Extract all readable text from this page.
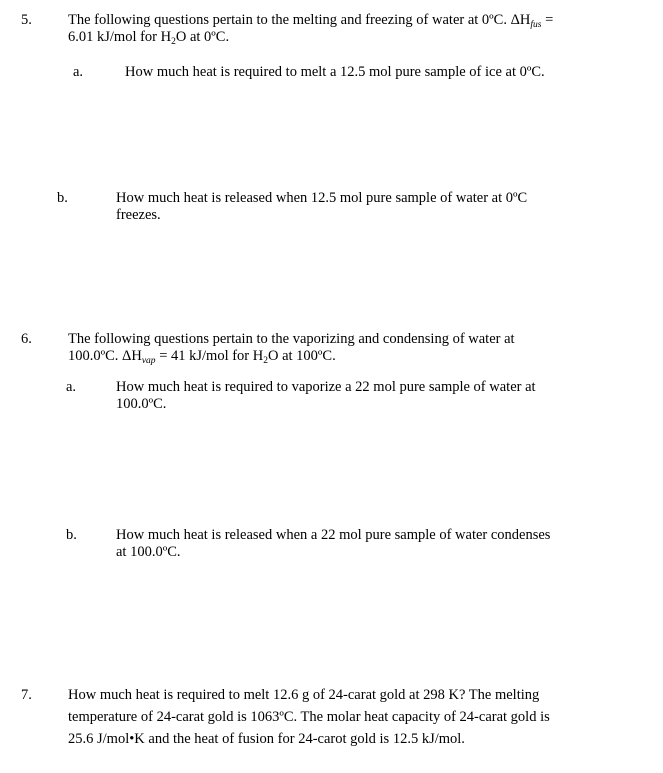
5. The following questions pertain to the melting and freezing of water at 0ºC. $\Delta H_{fus}$ =
6.01 kJ/mol for $H_2O$ at 0ºC.
a.	How much heat is required to melt a 12.5 mol pure sample of ice at 0ºC.
b.	How much heat is released when 12.5 mol pure sample of water at 0ºC
freezes.
6. The following questions pertain to the vaporizing and condensing of water at
100.0ºC. $\Delta H_{vap} = 41$ kJ/mol for $H_2O$ at 100ºC.
a.	How much heat is required to vaporize a 22 mol pure sample of water at
100.0ºC.
b.	How much heat is released when a 22 mol pure sample of water condenses
at 100.0ºC.
7. How much heat is required to melt 12.6 g of 24-carat gold at 298 K? The melting
temperature of 24-carat gold is 1063ºC. The molar heat capacity of 24-carat gold is
25.6 J/mol•K and the heat of fusion for 24-carot gold is 12.5 kJ/mol.
